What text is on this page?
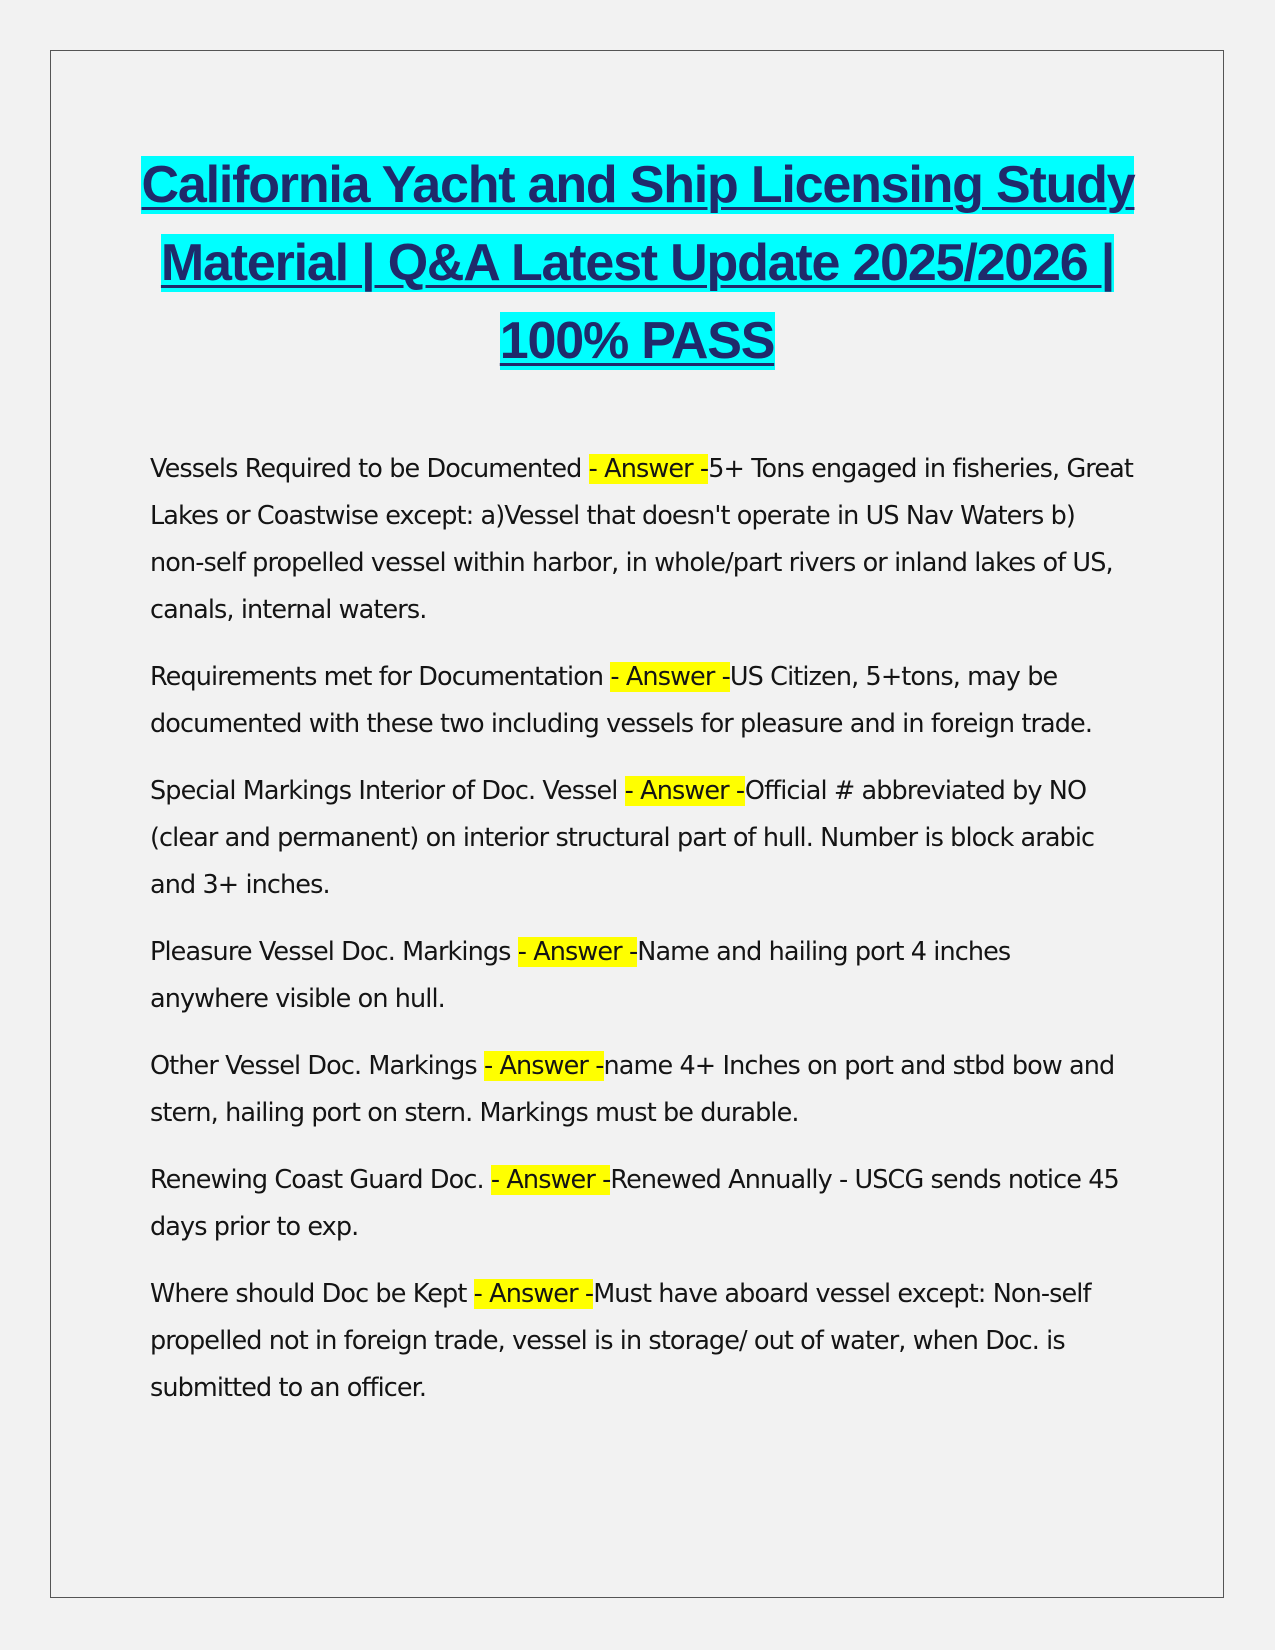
California Yacht and Ship Licensing Study Material | Q&A Latest Update 2025/2026 | 100% PASS

Vessels Required to be Documented - Answer -5+ Tons engaged in fisheries, Great Lakes or Coastwise except: a)Vessel that doesn't operate in US Nav Waters b) non-self propelled vessel within harbor, in whole/part rivers or inland lakes of US, canals, internal waters.

Requirements met for Documentation - Answer -US Citizen, 5+tons, may be documented with these two including vessels for pleasure and in foreign trade.

Special Markings Interior of Doc. Vessel - Answer -Official # abbreviated by NO (clear and permanent) on interior structural part of hull. Number is block arabic and 3+ inches.

Pleasure Vessel Doc. Markings - Answer -Name and hailing port 4 inches anywhere visible on hull.

Other Vessel Doc. Markings - Answer -name 4+ Inches on port and stbd bow and stern, hailing port on stern. Markings must be durable.

Renewing Coast Guard Doc. - Answer -Renewed Annually - USCG sends notice 45 days prior to exp.

Where should Doc be Kept - Answer -Must have aboard vessel except: Non-self propelled not in foreign trade, vessel is in storage/ out of water, when Doc. is submitted to an officer.
